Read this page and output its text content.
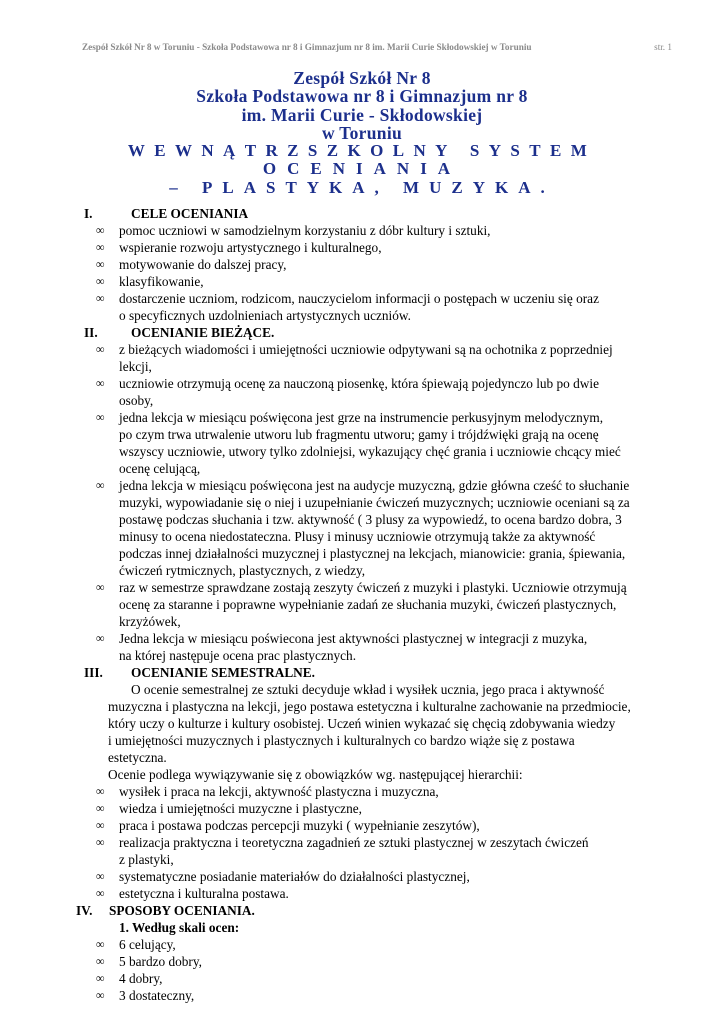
Zespół Szkół Nr 8 w Toruniu - Szkoła Podstawowa nr 8 i Gimnazjum nr 8 im. Marii Curie Skłodowskiej w Toruniu	str. 1
Zespół Szkół Nr 8
Szkoła Podstawowa nr 8 i Gimnazjum nr 8
im. Marii Curie - Skłodowskiej
w Toruniu
WEWNĄTRZSZKOLNY SYSTEM
OCENIANIA
– PLASTYKA, MUZYKA.
I.	CELE OCENIANIA
∞ pomoc uczniowi w samodzielnym korzystaniu z dóbr kultury i sztuki,
∞ wspieranie rozwoju artystycznego i kulturalnego,
∞ motywowanie do dalszej pracy,
∞ klasyfikowanie,
∞ dostarczenie uczniom, rodzicom, nauczycielom informacji o postępach w uczeniu się oraz
o specyficznych uzdolnieniach artystycznych uczniów.
II.	OCENIANIE BIEŻĄCE.
∞ z bieżących wiadomości i umiejętności uczniowie odpytywani są na ochotnika z poprzedniej
lekcji,
∞ uczniowie otrzymują ocenę za nauczoną piosenkę, która śpiewają pojedynczo lub po dwie
osoby,
∞ jedna lekcja w miesiącu poświęcona jest grze na instrumencie perkusyjnym melodycznym,
po czym trwa utrwalenie utworu lub fragmentu utworu; gamy i trójdźwięki grają na ocenę
wszyscy uczniowie, utwory tylko zdolniejsi, wykazujący chęć grania i uczniowie chcący mieć
ocenę celującą,
∞ jedna lekcja w miesiącu poświęcona jest na audycje muzyczną, gdzie główna cześć to słuchanie
muzyki, wypowiadanie się o niej i uzupełnianie ćwiczeń muzycznych; uczniowie oceniani są za
postawę podczas słuchania i tzw. aktywność ( 3 plusy za wypowiedź, to ocena bardzo dobra, 3
minusy to ocena niedostateczna. Plusy i minusy uczniowie otrzymują także za aktywność
podczas innej działalności muzycznej i plastycznej na lekcjach, mianowicie: grania, śpiewania,
ćwiczeń rytmicznych, plastycznych, z wiedzy,
∞ raz w semestrze sprawdzane zostają zeszyty ćwiczeń z muzyki i plastyki. Uczniowie otrzymują
ocenę za staranne i poprawne wypełnianie zadań ze słuchania muzyki, ćwiczeń plastycznych,
krzyżówek,
∞ Jedna lekcja w miesiącu poświecona jest aktywności plastycznej w integracji z muzyka,
na której następuje ocena prac plastycznych.
III. OCENIANIE SEMESTRALNE.
O ocenie semestralnej ze sztuki decyduje wkład i wysiłek ucznia, jego praca i aktywność
muzyczna i plastyczna na lekcji, jego postawa estetyczna i kulturalne zachowanie na przedmiocie,
który uczy o kulturze i kultury osobistej. Uczeń winien wykazać się chęcią zdobywania wiedzy
i umiejętności muzycznych i plastycznych i kulturalnych co bardzo wiąże się z postawa
estetyczna.
Ocenie podlega wywiązywanie się z obowiązków wg. następującej hierarchii:
∞ wysiłek i praca na lekcji, aktywność plastyczna i muzyczna,
∞ wiedza i umiejętności muzyczne i plastyczne,
∞ praca i postawa podczas percepcji muzyki ( wypełnianie zeszytów),
∞ realizacja praktyczna i teoretyczna zagadnień ze sztuki plastycznej w zeszytach ćwiczeń
z plastyki,
∞ systematyczne posiadanie materiałów do działalności plastycznej,
∞ estetyczna i kulturalna postawa.
IV. SPOSOBY OCENIANIA.
1. Według skali ocen:
∞ 6 celujący,
∞ 5 bardzo dobry,
∞ 4 dobry,
∞ 3 dostateczny,
